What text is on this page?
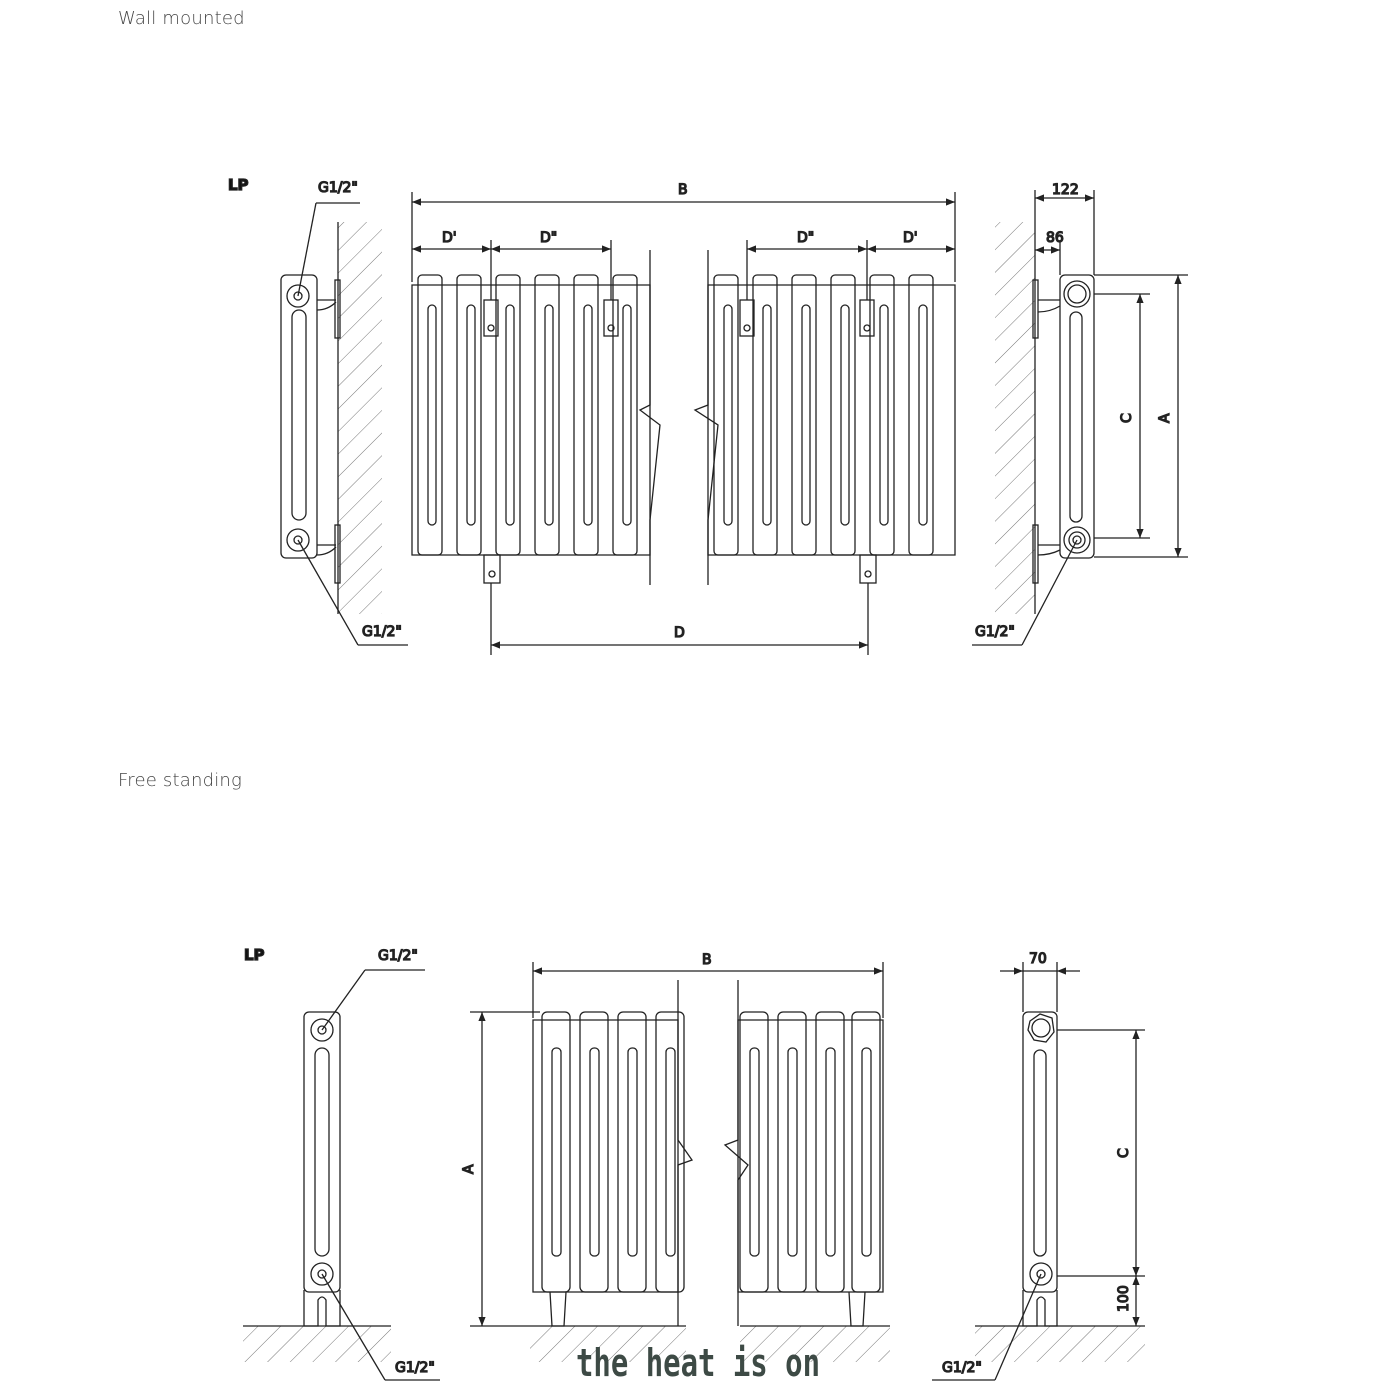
Wall mounted
Free standing
LP	G1/2"
G1/2"
B
D'	D"	D"	D'
D
122
86
A
C
G1/2"
LP	G1/2"
G1/2"
B
A
70
C
100
G1/2"
the heat is on
